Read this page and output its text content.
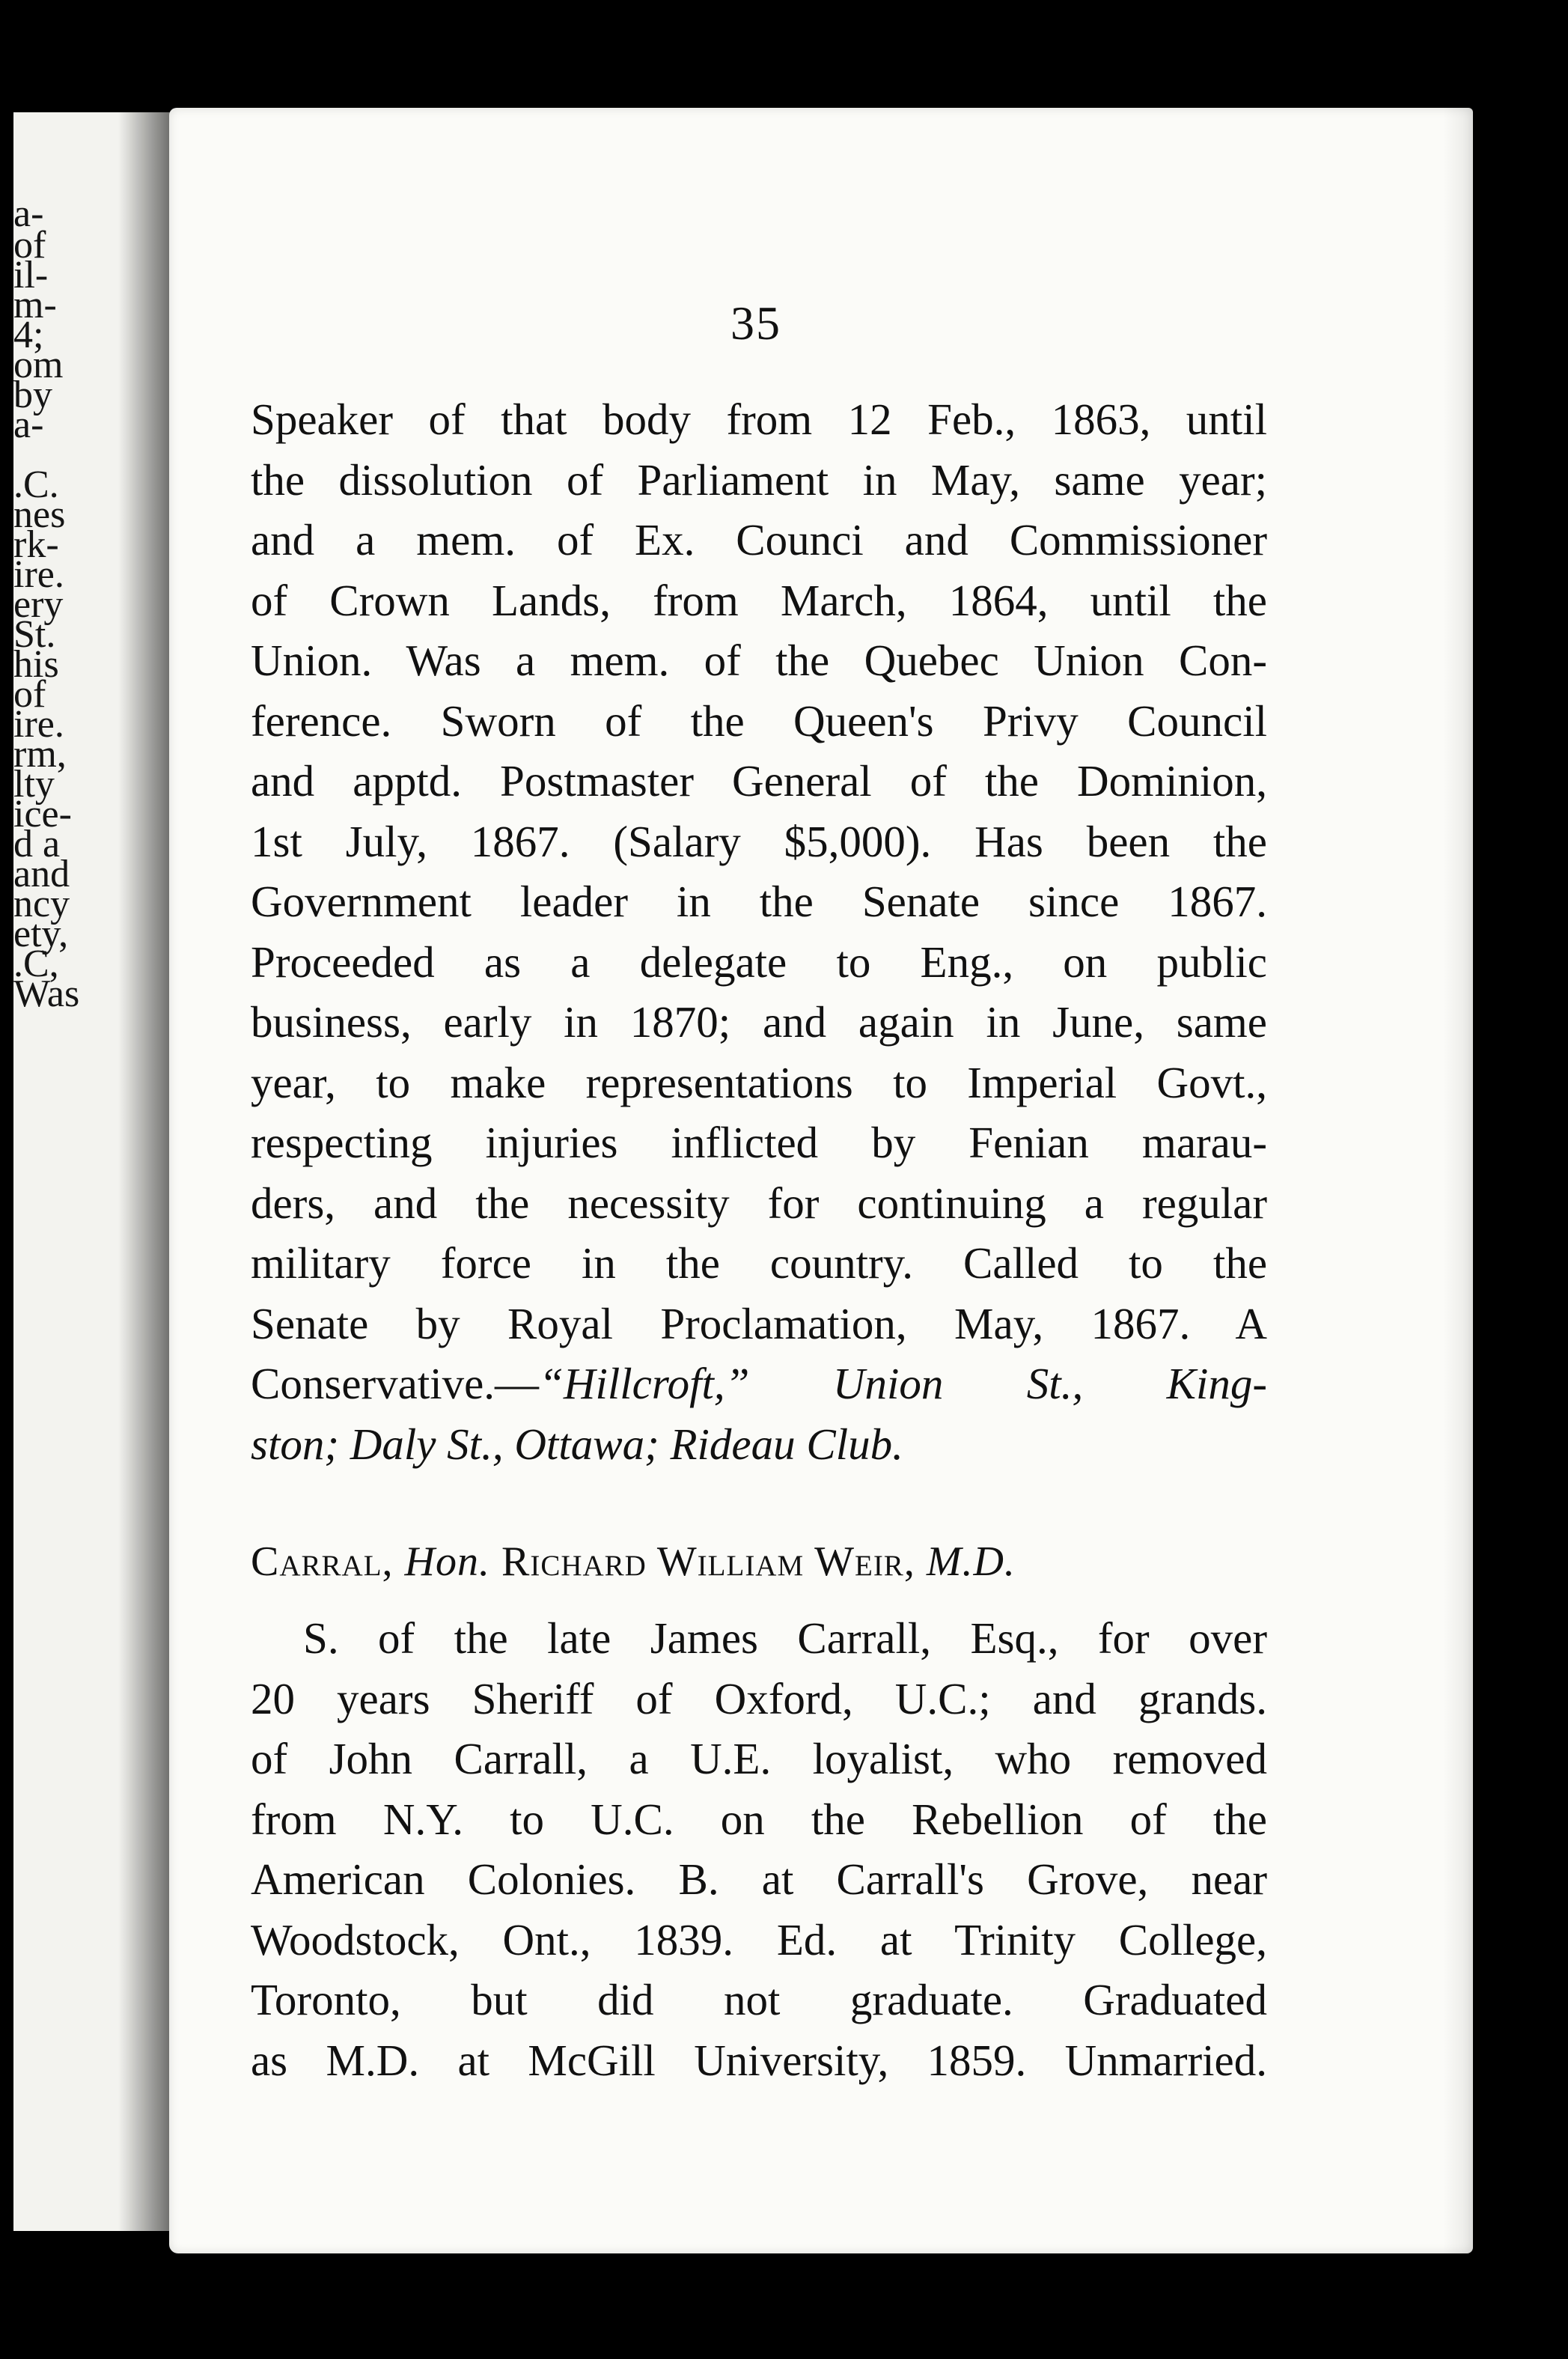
a-
of
il-
m-
4;
om
by
a-
.C.
nes
rk-
ire.
ery
St.
his
of
ire.
rm,
lty
ice-
d a
and
ncy
ety,
.C,
Was
35
Speaker of that body from 12 Feb., 1863, until
the dissolution of Parliament in May, same year;
and a mem. of Ex. Counci and Commissioner
of Crown Lands, from March, 1864, until the
Union. Was a mem. of the Quebec Union Con-
ference. Sworn of the Queen's Privy Council
and apptd. Postmaster General of the Dominion,
1st July, 1867. (Salary $5,000). Has been the
Government leader in the Senate since 1867.
Proceeded as a delegate to Eng., on public
business, early in 1870; and again in June, same
year, to make representations to Imperial Govt.,
respecting injuries inflicted by Fenian marau-
ders, and the necessity for continuing a regular
military force in the country. Called to the
Senate by Royal Proclamation, May, 1867. A
Conservative.—“Hillcroft,” Union St., King-
ston; Daly St., Ottawa; Rideau Club.
Carral, Hon. Richard William Weir, M.D.
S. of the late James Carrall, Esq., for over
20 years Sheriff of Oxford, U.C.; and grands.
of John Carrall, a U.E. loyalist, who removed
from N.Y. to U.C. on the Rebellion of the
American Colonies. B. at Carrall's Grove, near
Woodstock, Ont., 1839. Ed. at Trinity College,
Toronto, but did not graduate. Graduated
as M.D. at McGill University, 1859. Unmarried.
